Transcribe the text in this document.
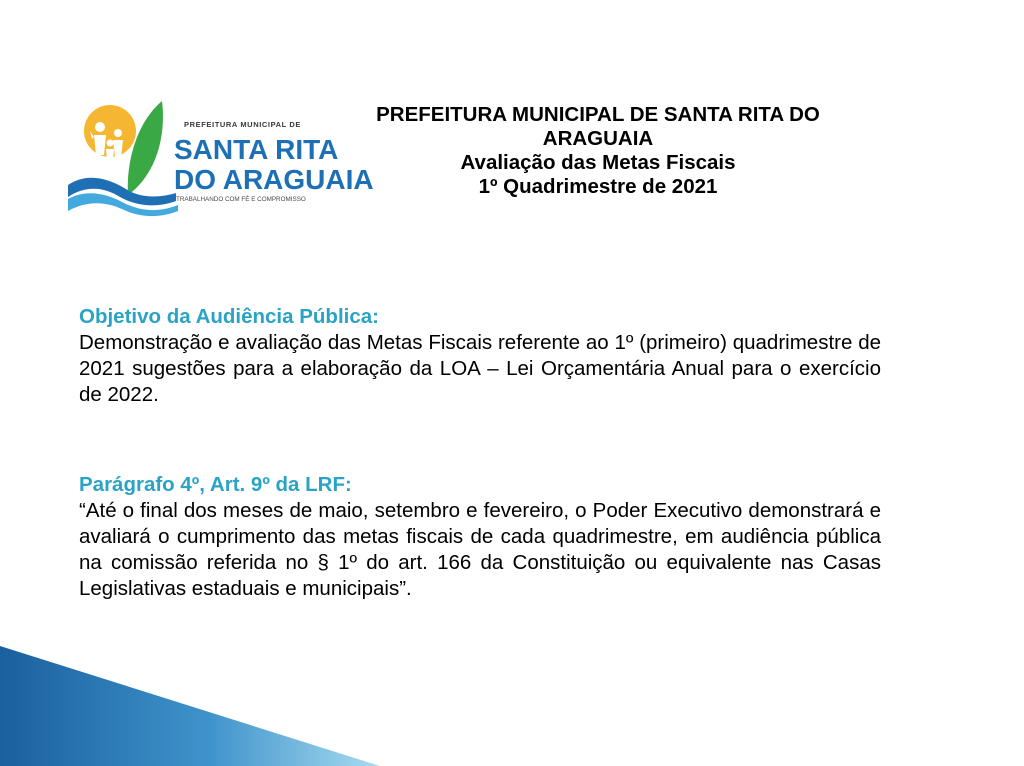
PREFEITURA MUNICIPAL DE
SANTA RITA
DO ARAGUAIA
TRABALHANDO COM FÉ E COMPROMISSO
PREFEITURA MUNICIPAL DE SANTA RITA DO
ARAGUAIA
Avaliação das Metas Fiscais
1º Quadrimestre de 2021
Objetivo da Audiência Pública:
Demonstração e avaliação das Metas Fiscais referente ao 1º (primeiro) quadrimestre de 2021 sugestões para a elaboração da LOA – Lei Orçamentária Anual para o exercício de 2022.
Parágrafo 4º, Art. 9º da LRF:
“Até o final dos meses de maio, setembro e fevereiro, o Poder Executivo demonstrará e avaliará o cumprimento das metas fiscais de cada quadrimestre, em audiência pública na comissão referida no § 1º do art. 166 da Constituição ou equivalente nas Casas Legislativas estaduais e municipais”.
